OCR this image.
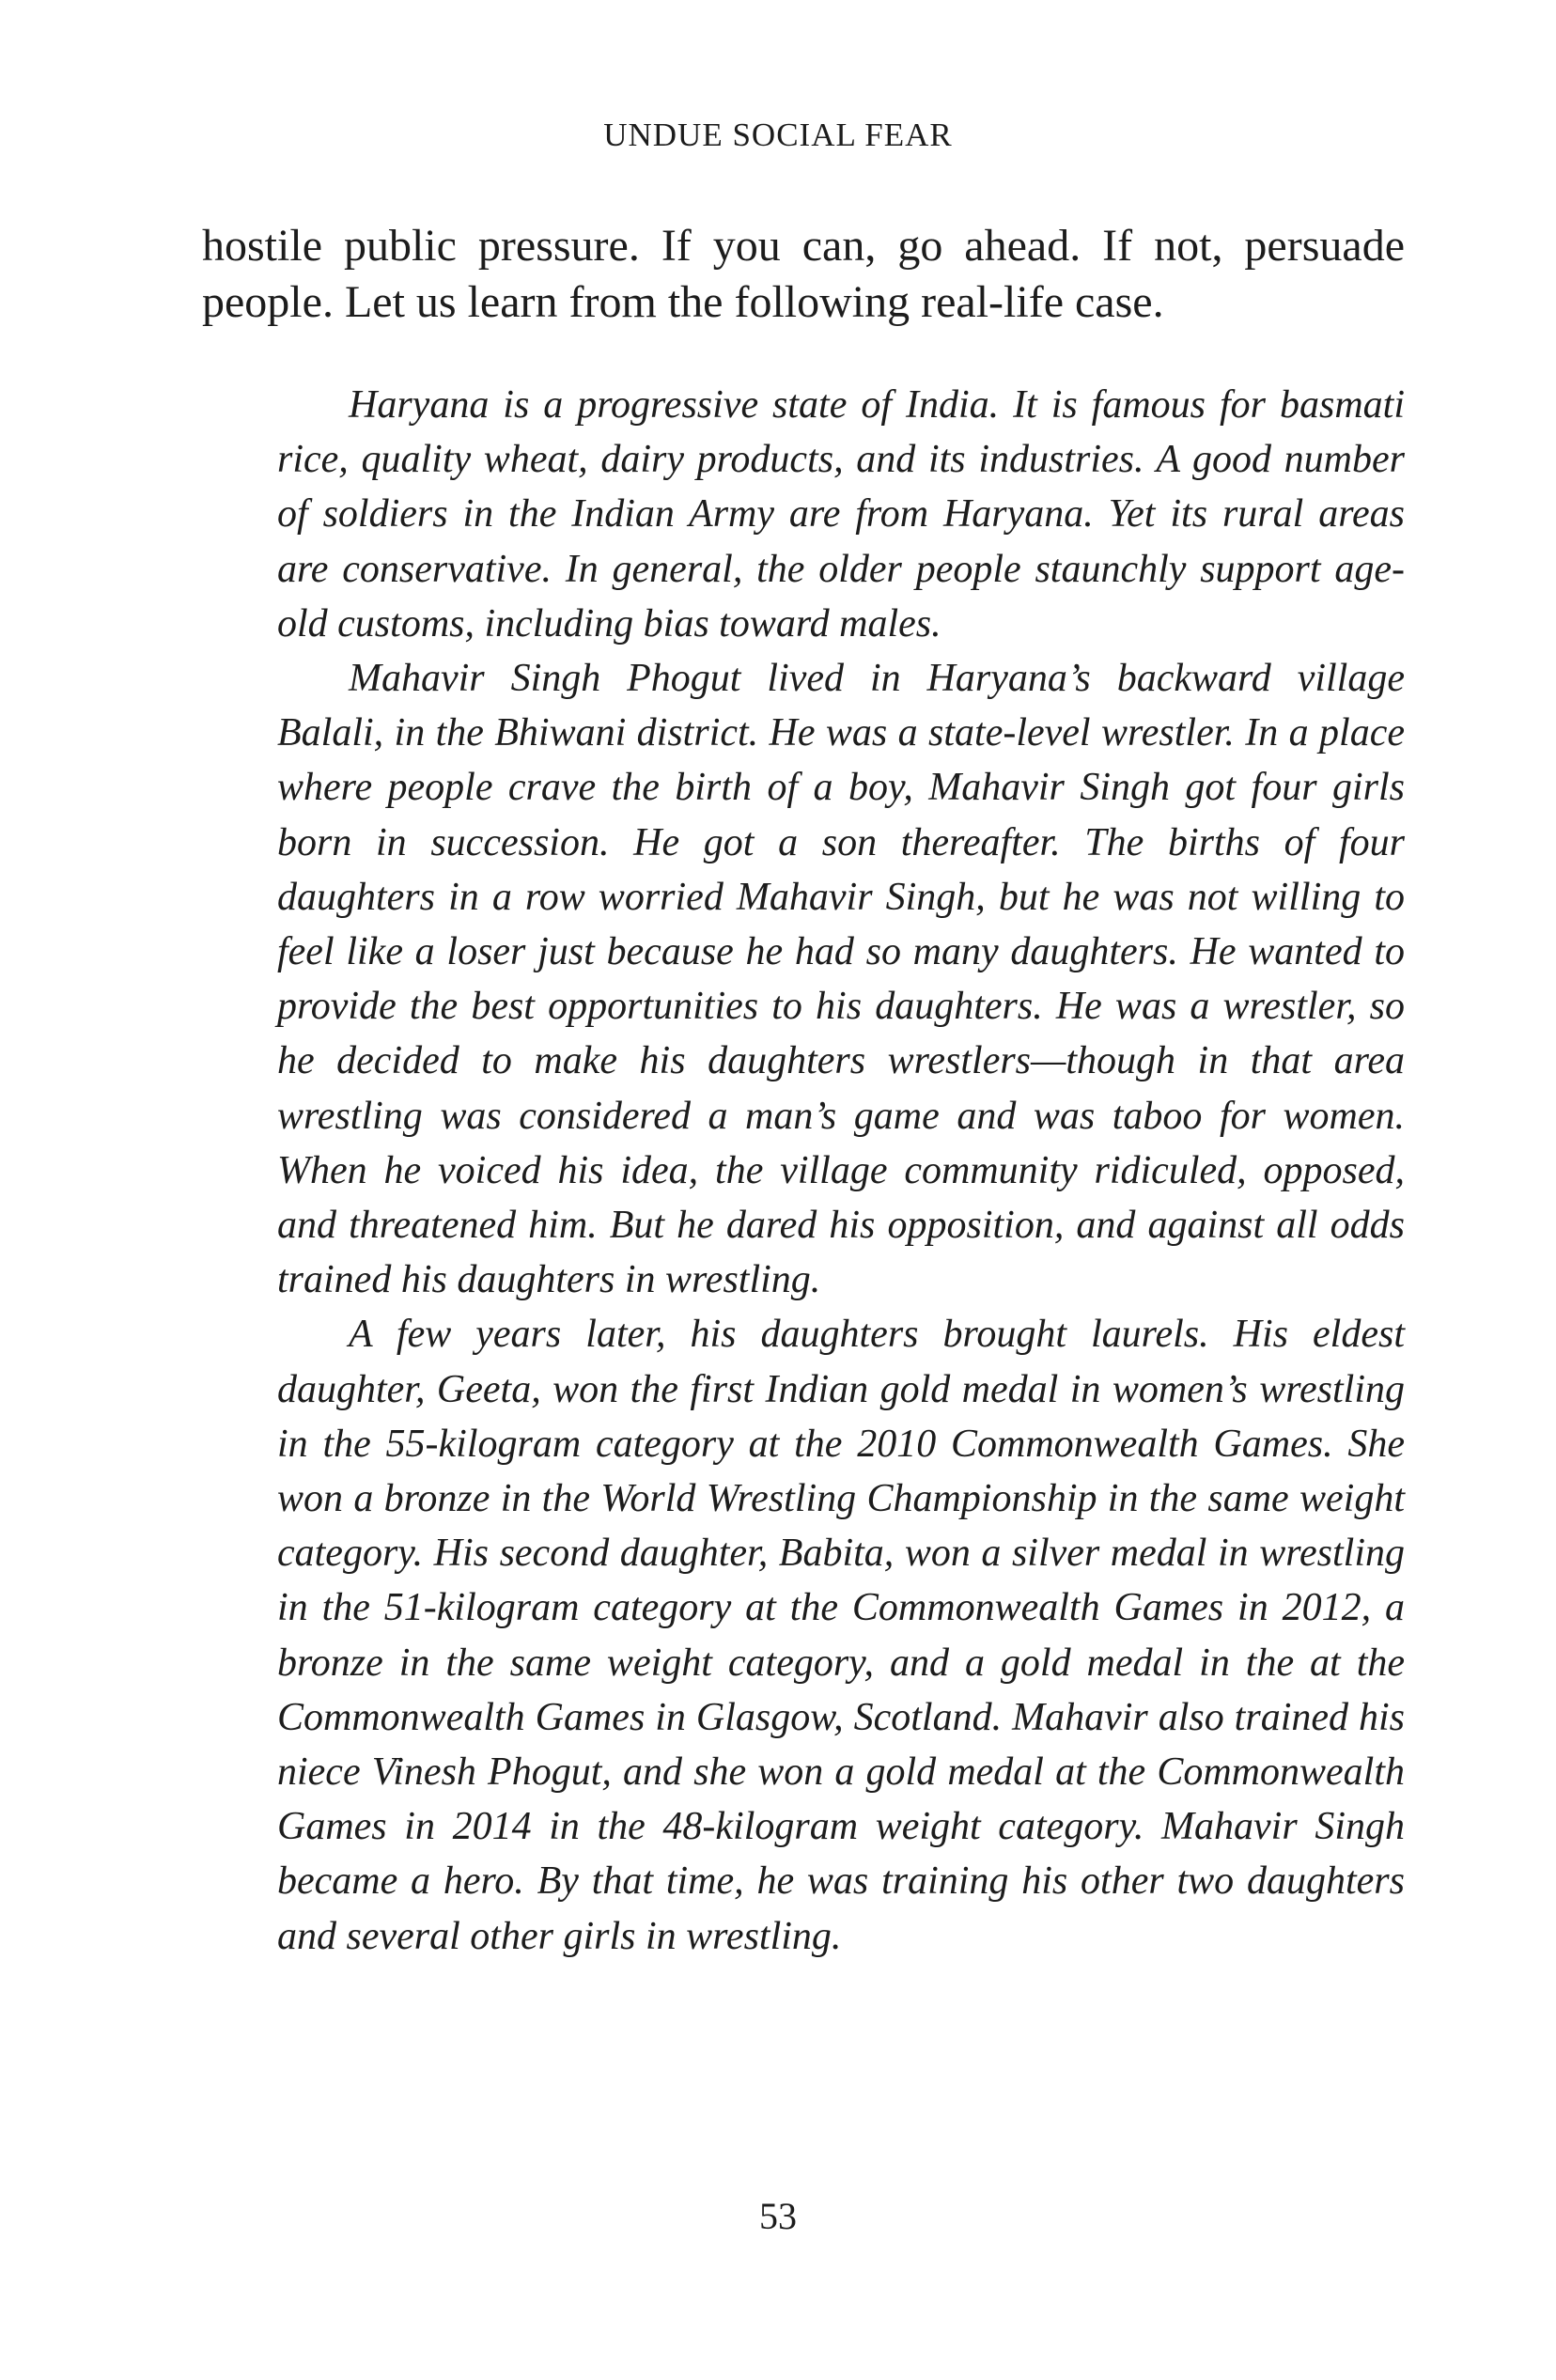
UNDUE SOCIAL FEAR

hostile public pressure. If you can, go ahead. If not, persuade people. Let us learn from the following real-life case.

Haryana is a progressive state of India. It is famous for basmati rice, quality wheat, dairy products, and its industries. A good number of soldiers in the Indian Army are from Haryana. Yet its rural areas are conservative. In general, the older people staunchly support age-old customs, including bias toward males.

Mahavir Singh Phogut lived in Haryana’s backward village Balali, in the Bhiwani district. He was a state-level wrestler. In a place where people crave the birth of a boy, Mahavir Singh got four girls born in succession. He got a son thereafter. The births of four daughters in a row worried Mahavir Singh, but he was not willing to feel like a loser just because he had so many daughters. He wanted to provide the best opportunities to his daughters. He was a wrestler, so he decided to make his daughters wrestlers—though in that area wrestling was considered a man’s game and was taboo for women. When he voiced his idea, the village community ridiculed, opposed, and threatened him. But he dared his opposition, and against all odds trained his daughters in wrestling.

A few years later, his daughters brought laurels. His eldest daughter, Geeta, won the first Indian gold medal in women’s wrestling in the 55-kilogram category at the 2010 Commonwealth Games. She won a bronze in the World Wrestling Championship in the same weight category. His second daughter, Babita, won a silver medal in wrestling in the 51-kilogram category at the Commonwealth Games in 2012, a bronze in the same weight category, and a gold medal in the at the Commonwealth Games in Glasgow, Scotland. Mahavir also trained his niece Vinesh Phogut, and she won a gold medal at the Commonwealth Games in 2014 in the 48-kilogram weight category. Mahavir Singh became a hero. By that time, he was training his other two daughters and several other girls in wrestling.

53
